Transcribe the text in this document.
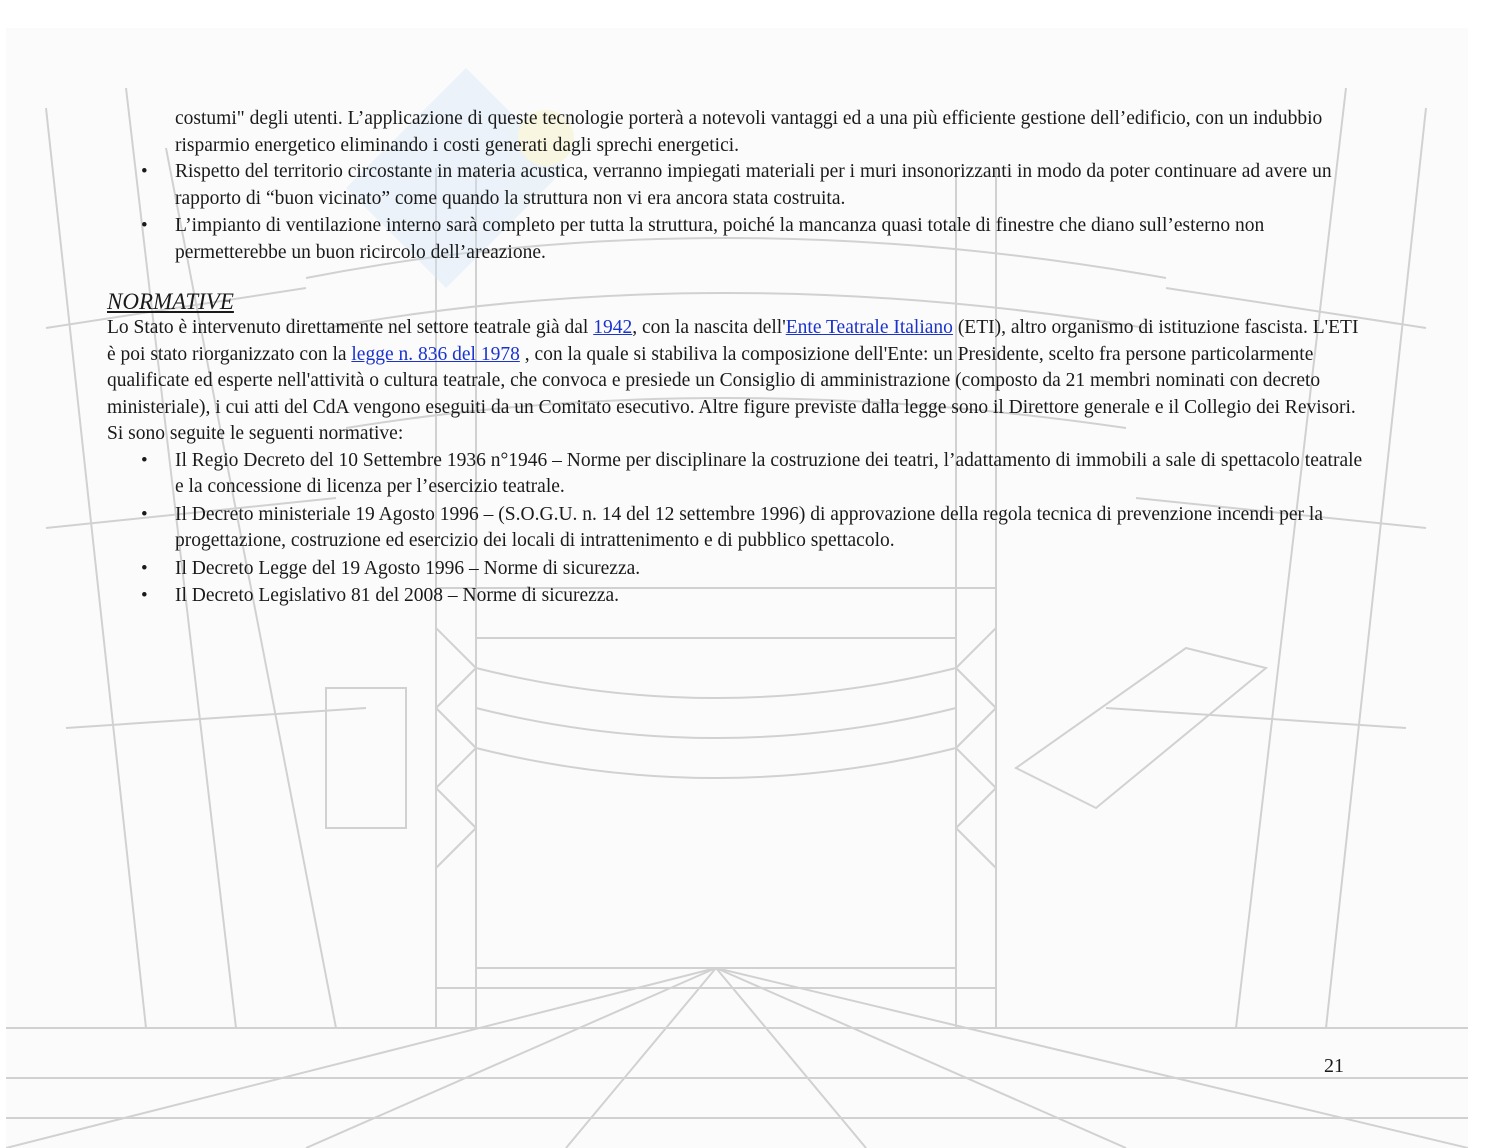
costumi" degli utenti. L’applicazione di queste tecnologie porterà a notevoli vantaggi ed a una più efficiente gestione dell’edificio, con un indubbio risparmio energetico eliminando i costi generati dagli sprechi energetici.
• Rispetto del territorio circostante in materia acustica, verranno impiegati materiali per i muri insonorizzanti in modo da poter continuare ad avere un rapporto di “buon vicinato” come quando la struttura non vi era ancora stata costruita.
• L’impianto di ventilazione interno sarà completo per tutta la struttura, poiché la mancanza quasi totale di finestre che diano sull’esterno non permetterebbe un buon ricircolo dell’areazione.
NORMATIVE

Lo Stato è intervenuto direttamente nel settore teatrale già dal 1942, con la nascita dell'Ente Teatrale Italiano (ETI), altro organismo di istituzione fascista. L'ETI è poi stato riorganizzato con la legge n. 836 del 1978 , con la quale si stabiliva la composizione dell'Ente: un Presidente, scelto fra persone particolarmente qualificate ed esperte nell'attività o cultura teatrale, che convoca e presiede un Consiglio di amministrazione (composto da 21 membri nominati con decreto ministeriale), i cui atti del CdA vengono eseguiti da un Comitato esecutivo. Altre figure previste dalla legge sono il Direttore generale e il Collegio dei Revisori.

Si sono seguite le seguenti normative:

• Il Regio Decreto del 10 Settembre 1936 n°1946 – Norme per disciplinare la costruzione dei teatri, l’adattamento di immobili a sale di spettacolo teatrale e la concessione di licenza per l’esercizio teatrale.
• Il Decreto ministeriale 19 Agosto 1996 – (S.O.G.U. n. 14 del 12 settembre 1996) di approvazione della regola tecnica di prevenzione incendi per la progettazione, costruzione ed esercizio dei locali di intrattenimento e di pubblico spettacolo.
• Il Decreto Legge del 19 Agosto 1996 – Norme di sicurezza.
• Il Decreto Legislativo 81 del 2008 – Norme di sicurezza.
21
